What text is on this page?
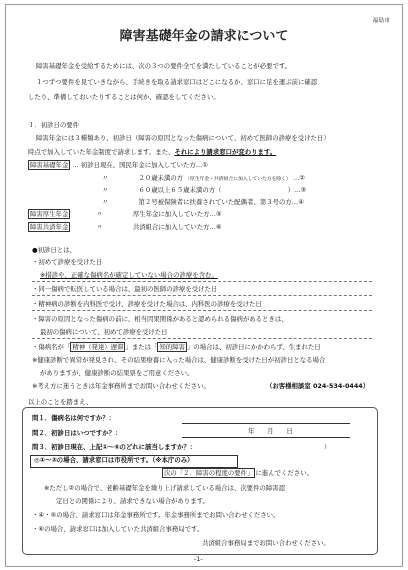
福島市
障害基礎年金の請求について
障害基礎年金を受給するためには、次の３つの要件全てを満たしていることが必要です。
１つずつ要件を見ていきながら、手続きを取る請求窓口はどこになるか、窓口に足を運ぶ前に確認
したり、準備しておいたりすることは何か、確認をしてください。
１．初診日の要件
障害年金には３種類あり、初診日（障害の原因となった傷病について、初めて医師の診療を受けた日）
時点で加入していた年金制度で請求します。また、それにより請求窓口が変わります。
障害基礎年金 … 初診日現在、国民年金に加入していた方…①
〃	２０歳未満の方 （厚生年金・共済組合に加入していた方を除く） …②
〃	６０歳以上６５歳未満の方（	）…③
〃	第２号被保険者に扶養されていた配偶者、第３号の方…④
障害厚生年金	〃	厚生年金に加入していた方…⑤
障害共済年金	〃	共済組合に加入していた方…⑥
●初診日とは、
・初めて診療を受けた日
※措診や、正確な傷病名が確定していない場合の診療を含む。
・同一傷病で転医している場合は、最初の医師の診療を受けた日
・精神病の診断を内科医で受け、診療を受けた場合は、内科医の診療を受けた日
・障害の原因となった傷病の前に、相当因果関係があると認められる傷病があるときは、
最初の傷病について、初めて診療を受けた日
・傷病名が「 精神（発達）遅滞 」または「 知的障害 」の場合は、初診日にかかわらず、生まれた日
※健康診断で異常が発見され、その結果療養に入った場合は、健康診断を受けた日が初診日となる場合
がありますが、健康診断の結果票をご用意ください。
※考え方に迷うときは年金事務所までお問い合わせください。	（お客様相談室 024-534-0444）
以上のことを踏まえ、
問１．傷病名は何ですか？：
問２．初診日はいつですか？：	年　　月　　日
問３．初診日現在、上記①～⑥のどれに該当しますか？：	）
◎①～③の場合、請求窓口は市役所です。（※本庁のみ）
次の「２．障害の程度の要件」 に進んでください。
※ただし②の場合で、老齢基礎年金を繰り上げ請求している場合は、次要件の障害認
定日との関係により、請求できない場合があります。
・④・⑤の場合、請求窓口は年金事務所です。年金事務所までお問い合わせください。
・⑥の場合、請求窓口は加入していた共済組合事務局です。
共済組合事務局までお問い合わせください。
-1-
